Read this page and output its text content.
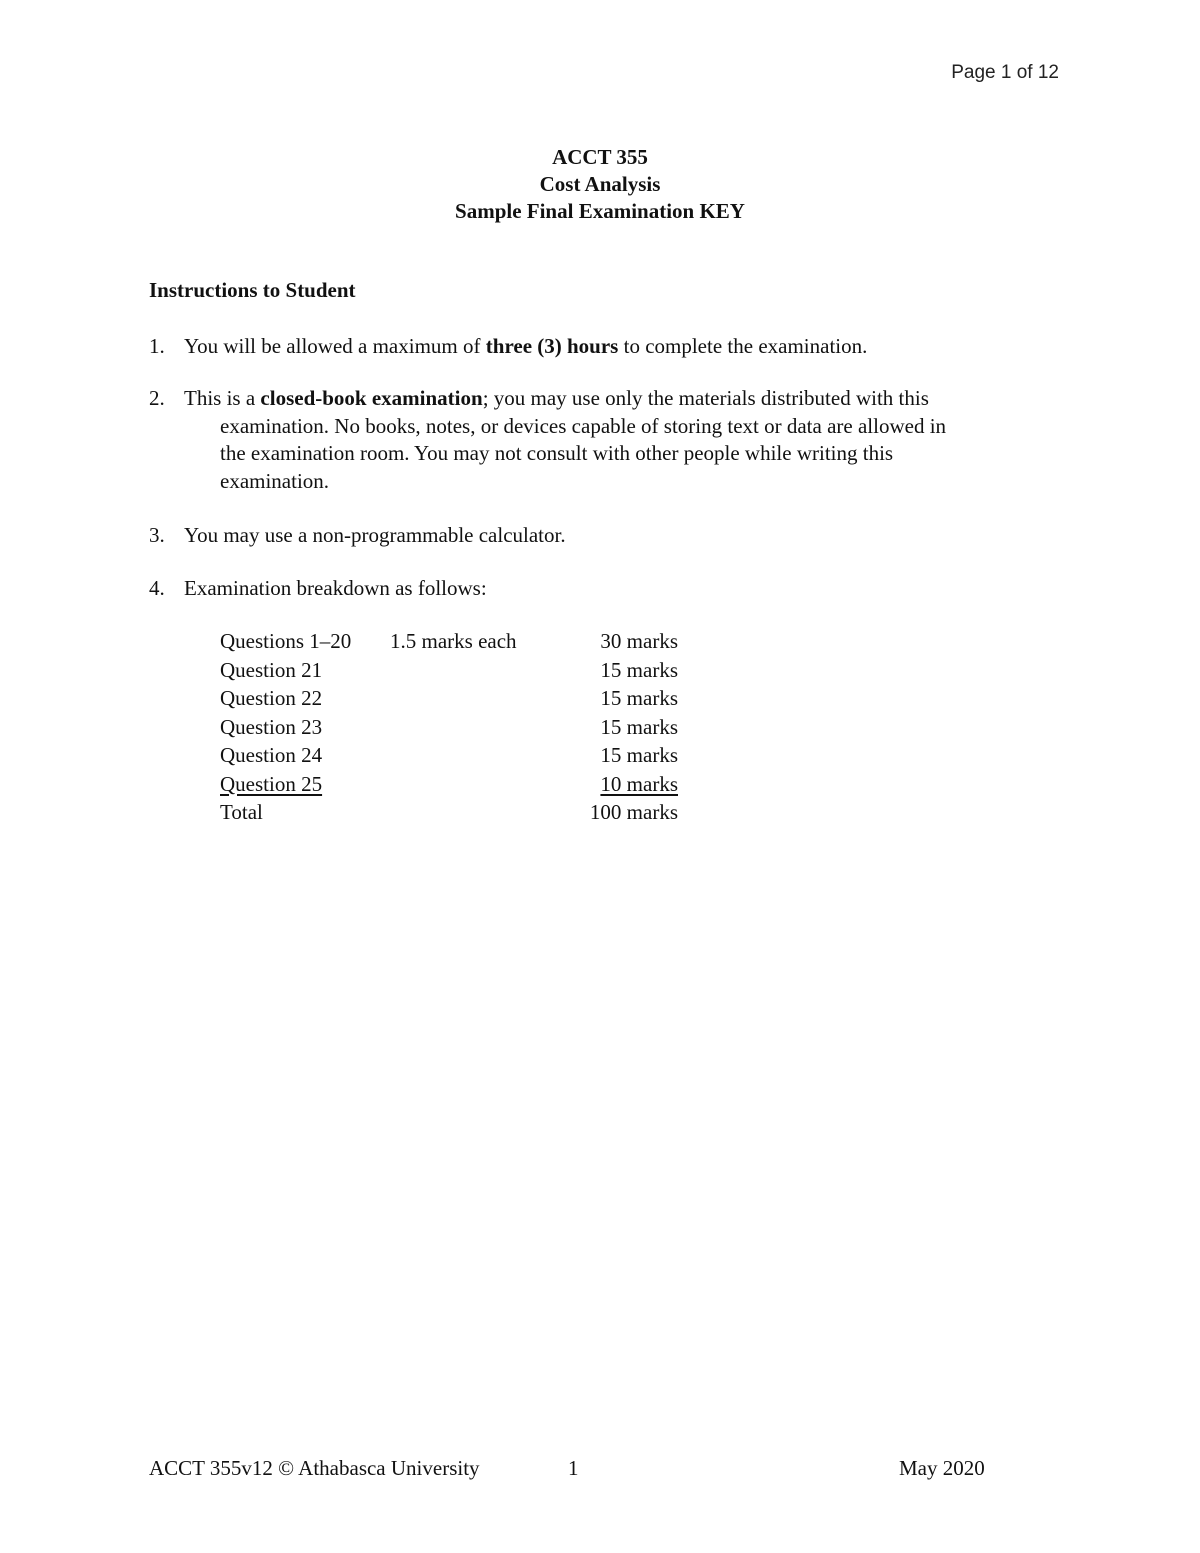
Page 1 of 12
ACCT 355
Cost Analysis
Sample Final Examination KEY
Instructions to Student
1. You will be allowed a maximum of three (3) hours to complete the examination.
2. This is a closed-book examination; you may use only the materials distributed with this
examination. No books, notes, or devices capable of storing text or data are allowed in
the examination room. You may not consult with other people while writing this
examination.
3. You may use a non-programmable calculator.
4. Examination breakdown as follows:
Questions 1–20	1.5 marks each	30 marks
Question 21		15 marks
Question 22		15 marks
Question 23		15 marks
Question 24		15 marks
Question 25		10 marks
Total		100 marks
ACCT 355v12 © Athabasca University	1	May 2020
